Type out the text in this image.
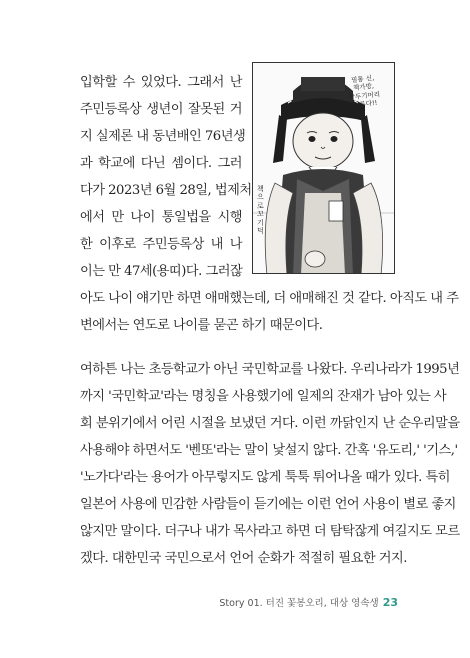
입학할 수 있었다. 그래서 난
주민등록상 생년이 잘못된 거
지 실제론 내 동년배인 76년생
과 학교에 다닌 셈이다. 그러
다가 2023년 6월 28일, 법제처
에서 만 나이 통일법을 시행
한 이후로 주민등록상 내 나
이는 만 47세(용띠)다. 그러잖
아도 나이 얘기만 하면 애매했는데, 더 애매해진 것 같다. 아직도 내 주
변에서는 연도로 나이를 묻곤 하기 때문이다.
여하튼 나는 초등학교가 아닌 국민학교를 나왔다. 우리나라가 1995년
까지 '국민학교'라는 명칭을 사용했기에 일제의 잔재가 남아 있는 사
회 분위기에서 어린 시절을 보냈던 거다. 이런 까닭인지 난 순우리말을
사용해야 하면서도 '벤또'라는 말이 낯설지 않다. 간혹 '유도리,' '기스,'
'노가다'라는 용어가 아무렇지도 않게 툭툭 튀어나올 때가 있다. 특히
일본어 사용에 민감한 사람들이 듣기에는 이런 언어 사용이 별로 좋지
않지만 말이다. 더구나 내가 목사라고 하면 더 탐탁잖게 여길지도 모르
겠다. 대한민국 국민으로서 언어 순화가 적절히 필요한 거지.
필통 신,
책가방,
깍두기머리
최루다!!
책으로 꼬기 덕
Story 01. 터진 꽃봉오리, 대상 영속생 23
